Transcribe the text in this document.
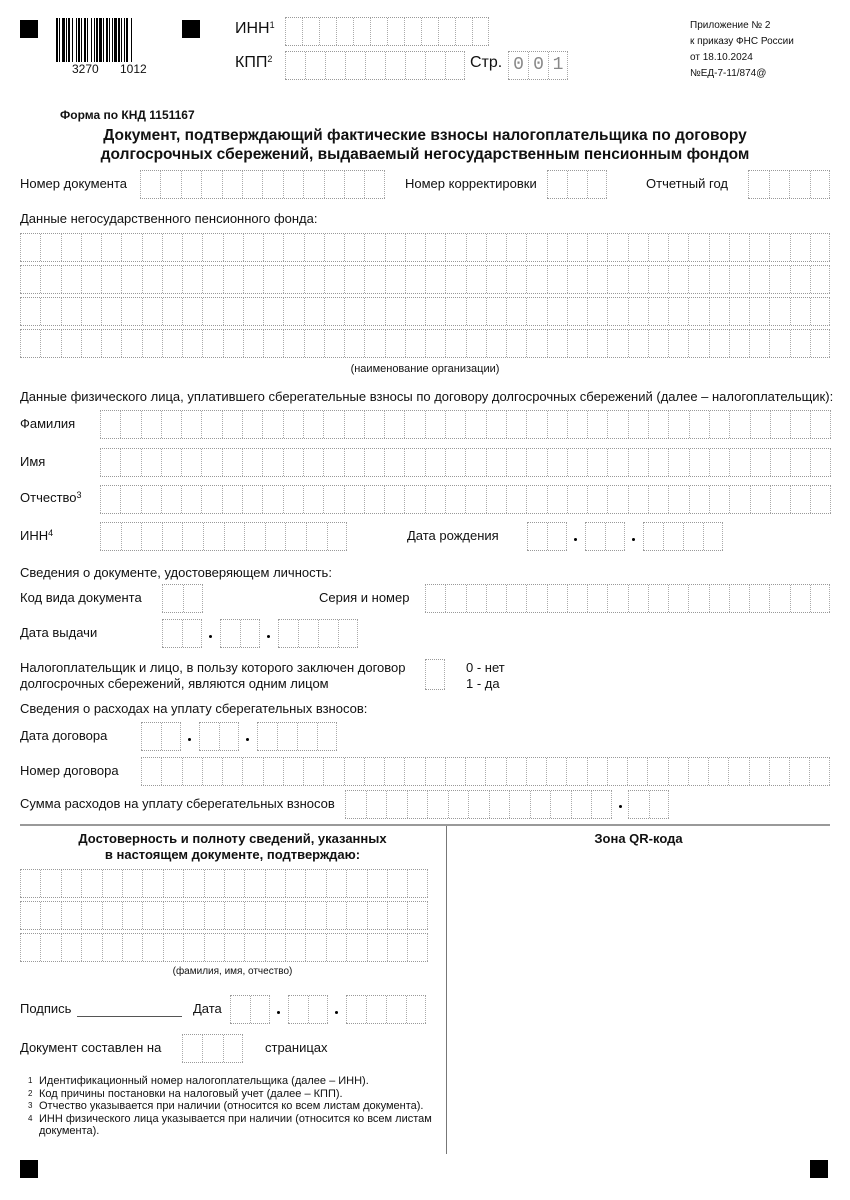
3270 1012
ИНН$^1$
КПП$^2$	Стр. 0 0 1
Приложение № 2
к приказу ФНС России
от 18.10.2024
№ЕД-7-11/874@
Форма по КНД 1151167
Документ, подтверждающий фактические взносы налогоплательщика по договору
долгосрочных сбережений, выдаваемый негосударственным пенсионным фондом
Номер документа	Номер корректировки	Отчетный год
Данные негосударственного пенсионного фонда:
(наименование организации)
Данные физического лица, уплатившего сберегательные взносы по договору долгосрочных сбережений (далее – налогоплательщик):
Фамилия
Имя
Отчество$^3$
ИНН$^4$	Дата рождения
Сведения о документе, удостоверяющем личность:
Код вида документа	Серия и номер
Дата выдачи
Налогоплательщик и лицо, в пользу которого заключен договор
долгосрочных сбережений, являются одним лицом
0 - нет
1 - да
Сведения о расходах на уплату сберегательных взносов:
Дата договора
Номер договора
Сумма расходов на уплату сберегательных взносов
Достоверность и полноту сведений, указанных
в настоящем документе, подтверждаю:
Зона QR-кода
(фамилия, имя, отчество)
Подпись	Дата
Документ составлен на	страницах
1 Идентификационный номер налогоплательщика (далее – ИНН).
2 Код причины постановки на налоговый учет (далее – КПП).
3 Отчество указывается при наличии (относится ко всем листам документа).
4 ИНН физического лица указывается при наличии (относится ко всем листам документа).
